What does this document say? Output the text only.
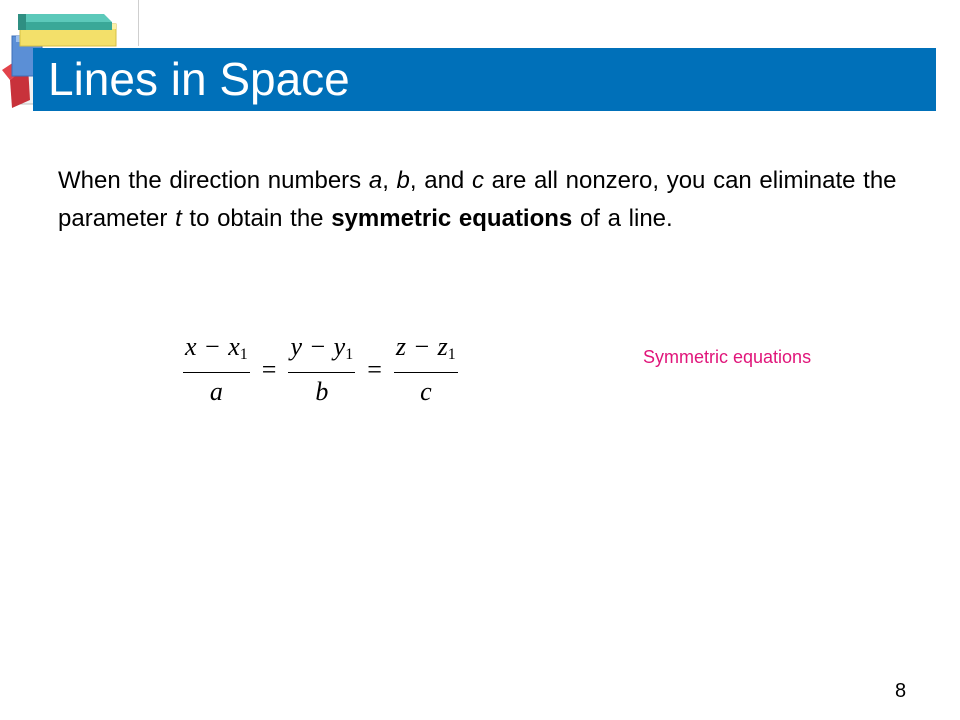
Lines in Space

When the direction numbers a, b, and c are all nonzero, you can eliminate the parameter t to obtain the symmetric equations of a line.

$\frac{x - x_1}{a} = \frac{y - y_1}{b} = \frac{z - z_1}{c}$	Symmetric equations

8
